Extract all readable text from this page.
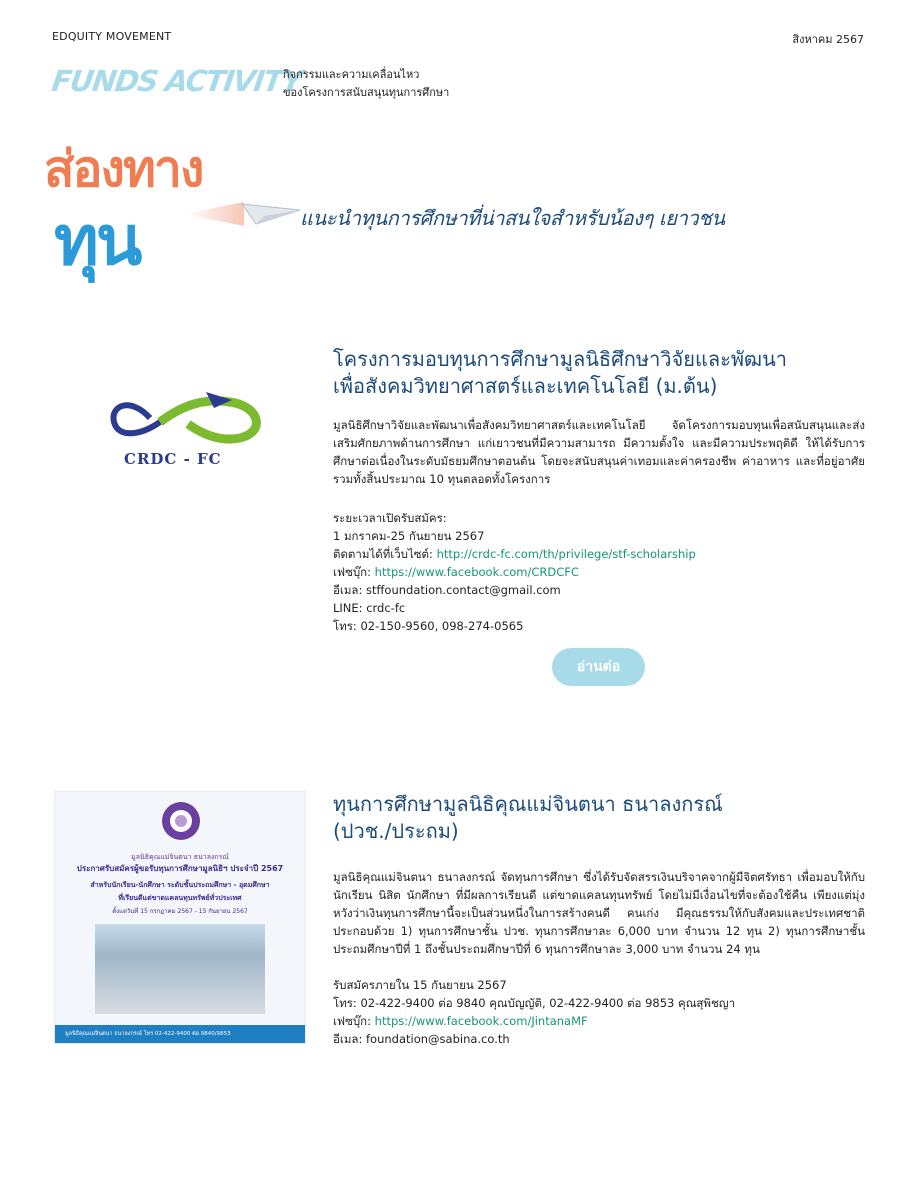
EDQUITY MOVEMENT	สิงหาคม 2567
FUNDS ACTIVITY
กิจกรรมและความเคลื่อนไหว
ของโครงการสนับสนุนทุนการศึกษา
ส่องทาง
ทุน	แนะนำทุนการศึกษาที่น่าสนใจสำหรับน้องๆ เยาวชน
CRDC - FC
โครงการมอบทุนการศึกษามูลนิธิศึกษาวิจัยและพัฒนา
เพื่อสังคมวิทยาศาสตร์และเทคโนโลยี (ม.ต้น)
มูลนิธิศึกษาวิจัยและพัฒนาเพื่อสังคมวิทยาศาสตร์และเทคโนโลยี จัดโครงการมอบทุนเพื่อสนับสนุนและส่งเสริมศักยภาพด้านการศึกษา แก่เยาวชนที่มีความสามารถ มีความตั้งใจ และมีความประพฤติดี ให้ได้รับการศึกษาต่อเนื่องในระดับมัธยมศึกษาตอนต้น โดยจะสนับสนุนค่าเทอมและค่าครองชีพ ค่าอาหาร และที่อยู่อาศัย รวมทั้งสิ้นประมาณ 10 ทุนตลอดทั้งโครงการ
ระยะเวลาเปิดรับสมัคร:
1 มกราคม-25 กันยายน 2567
ติดตามได้ที่เว็บไซต์: http://crdc-fc.com/th/privilege/stf-scholarship
เฟซบุ๊ก: https://www.facebook.com/CRDCFC
อีเมล: stffoundation.contact@gmail.com
LINE: crdc-fc
โทร: 02-150-9560, 098-274-0565
อ่านต่อ
มูลนิธิคุณแม่จินตนา ธนาลงกรณ์
ประกาศรับสมัครผู้ขอรับทุนการศึกษามูลนิธิฯ ประจำปี 2567
สำหรับนักเรียน-นักศึกษา ระดับชั้นประถมศึกษา - อุดมศึกษา
ที่เรียนดีแต่ขาดแคลนทุนทรัพย์ทั่วประเทศ
ตั้งแต่วันที่ 15 กรกฎาคม 2567 - 15 กันยายน 2567
มูลนิธิคุณแม่จินตนา ธนาลงกรณ์ โทร 02-422-9400 ต่อ 9840/9853
ทุนการศึกษามูลนิธิคุณแม่จินตนา ธนาลงกรณ์
(ปวช./ประถม)
มูลนิธิคุณแม่จินตนา ธนาลงกรณ์ จัดทุนการศึกษา ซึ่งได้รับจัดสรรเงินบริจาคจากผู้มีจิตศรัทธา เพื่อมอบให้กับนักเรียน นิสิต นักศึกษา ที่มีผลการเรียนดี แต่ขาดแคลนทุนทรัพย์ โดยไม่มีเงื่อนไขที่จะต้องใช้คืน เพียงแต่มุ่งหวังว่าเงินทุนการศึกษานี้จะเป็นส่วนหนึ่งในการสร้างคนดี คนเก่ง มีคุณธรรมให้กับสังคมและประเทศชาติ ประกอบด้วย 1) ทุนการศึกษาชั้น ปวช. ทุนการศึกษาละ 6,000 บาท จำนวน 12 ทุน 2) ทุนการศึกษาชั้นประถมศึกษาปีที่ 1 ถึงชั้นประถมศึกษาปีที่ 6 ทุนการศึกษาละ 3,000 บาท จำนวน 24 ทุน
รับสมัครภายใน 15 กันยายน 2567
โทร: 02-422-9400 ต่อ 9840 คุณบัญญัติ, 02-422-9400 ต่อ 9853 คุณสุพิชญา
เฟซบุ๊ก: https://www.facebook.com/JintanaMF
อีเมล: foundation@sabina.co.th
